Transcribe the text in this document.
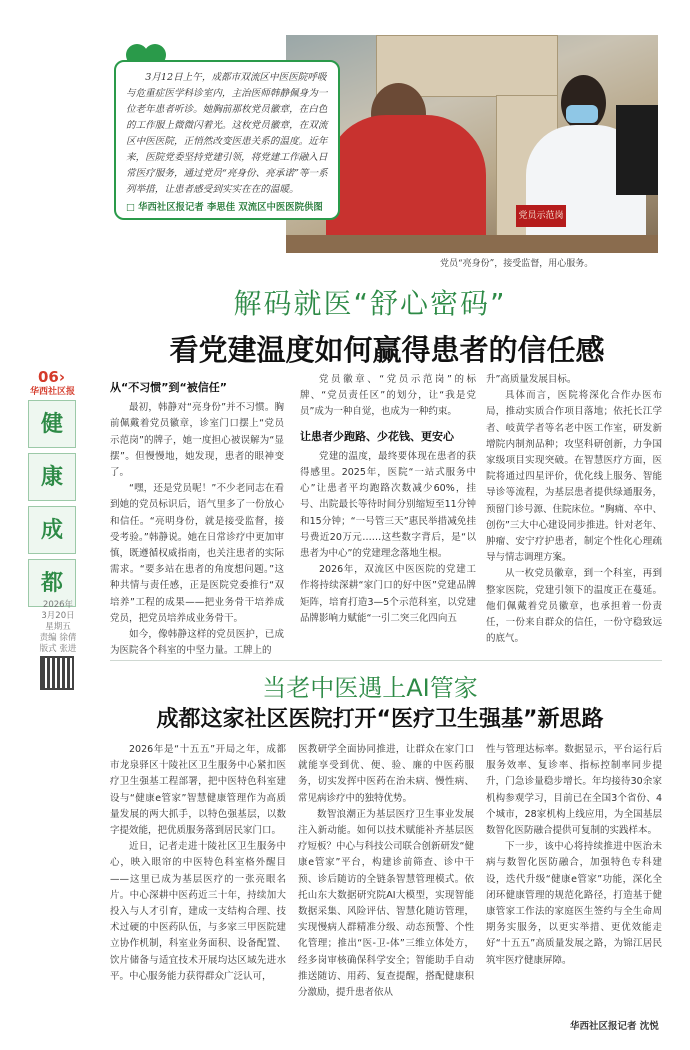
党员示范岗
党员“亮身份”，接受监督，用心服务。
3月12日上午，成都市双流区中医医院呼吸与危重症医学科诊室内，主治医师韩静佩身为一位老年患者听诊。她胸前那枚党员徽章，在白色的工作服上微微闪着光。这枚党员徽章，在双流区中医医院，正悄然改变医患关系的温度。近年来，医院党委坚持党建引领，将党建工作融入日常医疗服务，通过党员“亮身份、亮承诺”等一系列举措，让患者感受到实实在在的温暖。
□ 华西社区报记者 李思佳 双流区中医医院供图
解码就医“舒心密码”
看党建温度如何赢得患者的信任感
06›
华西社区报
健
康
成
都
2026年
3月20日
星期五
责编 徐倩
版式 张进

从“不习惯”到“被信任”

最初，韩静对“亮身份”并不习惯。胸前佩戴着党员徽章，诊室门口摆上“党员示范岗”的牌子，她一度担心被误解为“显摆”。但慢慢地，她发现，患者的眼神变了。

“嘿，还是党员呢！”不少老同志在看到她的党员标识后，语气里多了一份放心和信任。“亮明身份，就是接受监督，接受考验。”韩静说。她在日常诊疗中更加审慎，既遵循权威指南，也关注患者的实际需求。“要多站在患者的角度想问题。”这种共情与责任感，正是医院党委推行“双培养”工程的成果——把业务骨干培养成党员，把党员培养成业务骨干。

如今，像韩静这样的党员医护，已成为医院各个科室的中坚力量。工牌上的

党员徽章、“党员示范岗”的标牌、“党员责任区”的划分，让“我是党员”成为一种自觉，也成为一种约束。

让患者少跑路、少花钱、更安心

党建的温度，最终要体现在患者的获得感里。2025年，医院“一站式服务中心”让患者平均跑路次数减少60%，挂号、出院最长等待时间分别缩短至11分钟和15分钟；“一号管三天”惠民举措减免挂号费近20万元……这些数字背后，是“以患者为中心”的党建理念落地生根。

2026年，双流区中医医院的党建工作将持续深耕“家门口的好中医”党建品牌矩阵，培育打造3—5个示范科室，以党建品牌影响力赋能“一引二突三化四向五

升”高质量发展目标。

具体而言，医院将深化合作办医布局，推动实质合作项目落地；依托长江学者、岐黄学者等名老中医工作室，研发新增院内制剂品种；攻坚科研创新，力争国家级项目实现突破。在智慧医疗方面，医院将通过四星评价，优化线上服务、智能导诊等流程，为基层患者提供绿通服务，预留门诊号源、住院床位。“胸痛、卒中、创伤”三大中心建设同步推进。针对老年、肿瘤、安宁疗护患者，制定个性化心理疏导与情志调理方案。

从一枚党员徽章，到一个科室，再到整家医院，党建引领下的温度正在蔓延。他们佩戴着党员徽章，也承担着一份责任，一份来自群众的信任，一份守稳致远的底气。

当老中医遇上AI管家
成都这家社区医院打开“医疗卫生强基”新思路

2026年是“十五五”开局之年，成都市龙泉驿区十陵社区卫生服务中心紧扣医疗卫生强基工程部署，把中医特色科室建设与“健康e管家”智慧健康管理作为高质量发展的两大抓手，以特色强基层，以数字提效能，把优质服务落到居民家门口。

近日，记者走进十陵社区卫生服务中心，映入眼帘的中医特色科室格外醒目——这里已成为基层医疗的一张亮眼名片。中心深耕中医药近三十年，持续加大投入与人才引育，建成一支结构合理、技术过硬的中医药队伍，与多家三甲医院建立协作机制，科室业务面积、设备配置、饮片储备与适宜技术开展均达区域先进水平。中心服务能力获得群众广泛认可，

医教研学全面协同推进，让群众在家门口就能享受到优、便、验、廉的中医药服务，切实发挥中医药在治未病、慢性病、常见病诊疗中的独特优势。

数智浪潮正为基层医疗卫生事业发展注入新动能。如何以技术赋能补齐基层医疗短板？中心与科技公司联合创新研发“健康e管家”平台，构建诊前筛查、诊中干预、诊后随访的全链条智慧管理模式。依托山东大数据研究院AI大模型，实现智能数据采集、风险评估、智慧化随访管理，实现慢病人群精准分级、动态预警、个性化管理；推出“医-卫-体”三维立体处方，经多岗审核确保科学安全；智能助手自动推送随访、用药、复查提醒，搭配健康积分激励，提升患者依从

性与管理达标率。数据显示，平台运行后服务效率、复诊率、指标控制率同步提升，门急诊量稳步增长。年均接待30余家机构参观学习，目前已在全国3个省份、4个城市，28家机构上线应用，为全国基层数智化医防融合提供可复制的实践样本。

下一步，该中心将持续推进中医治未病与数智化医防融合，加强特色专科建设，迭代升级“健康e管家”功能，深化全闭环健康管理的规范化路径，打造基于健康管家工作法的家庭医生签约与全生命周期务实服务，以更实举措、更优效能走好“十五五”高质量发展之路，为锦江居民筑牢医疗健康屏障。

华西社区报记者 沈悦
